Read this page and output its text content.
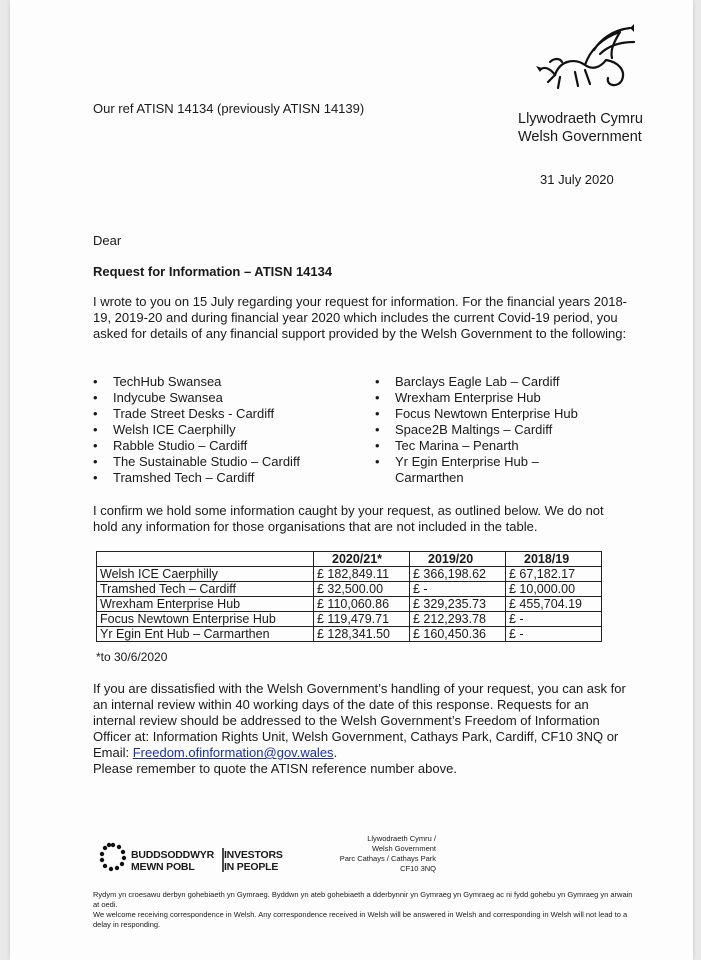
Our ref ATISN 14134 (previously ATISN 14139)
Llywodraeth Cymru
Welsh Government
31 July 2020
Dear
Request for Information – ATISN 14134
I wrote to you on 15 July regarding your request for information. For the financial years 2018-19, 2019-20 and during financial year 2020 which includes the current Covid-19 period, you asked for details of any financial support provided by the Welsh Government to the following:
• TechHub Swansea
• Indycube Swansea
• Trade Street Desks - Cardiff
• Welsh ICE Caerphilly
• Rabble Studio – Cardiff
• The Sustainable Studio – Cardiff
• Tramshed Tech – Cardiff
• Barclays Eagle Lab – Cardiff
• Wrexham Enterprise Hub
• Focus Newtown Enterprise Hub
• Space2B Maltings – Cardiff
• Tec Marina – Penarth
• Yr Egin Enterprise Hub –
Carmarthen
I confirm we hold some information caught by your request, as outlined below. We do not hold any information for those organisations that are not included in the table.
	2020/21*	2019/20	2018/19
Welsh ICE Caerphilly	£ 182,849.11	£ 366,198.62	£ 67,182.17
Tramshed Tech – Cardiff	£ 32,500.00	£ -	£ 10,000.00
Wrexham Enterprise Hub	£ 110,060.86	£ 329,235.73	£ 455,704.19
Focus Newtown Enterprise Hub	£ 119,479.71	£ 212,293.78	£ -
Yr Egin Ent Hub – Carmarthen	£ 128,341.50	£ 160,450.36	£ -
*to 30/6/2020
If you are dissatisfied with the Welsh Government’s handling of your request, you can ask for an internal review within 40 working days of the date of this response. Requests for an internal review should be addressed to the Welsh Government’s Freedom of Information Officer at: Information Rights Unit, Welsh Government, Cathays Park, Cardiff, CF10 3NQ or Email: Freedom.ofinformation@gov.wales.
Please remember to quote the ATISN reference number above.
BUDDSODDWYR
MEWN POBL
INVESTORS
IN PEOPLE
Llywodraeth Cymru /
Welsh Government
Parc Cathays / Cathays Park
CF10 3NQ
Rydym yn croesawu derbyn gohebiaeth yn Gymraeg. Byddwn yn ateb gohebiaeth a dderbynnir yn Gymraeg yn Gymraeg ac ni fydd gohebu yn Gymraeg yn arwain at oedi.
We welcome receiving correspondence in Welsh. Any correspondence received in Welsh will be answered in Welsh and corresponding in Welsh will not lead to a delay in responding.
